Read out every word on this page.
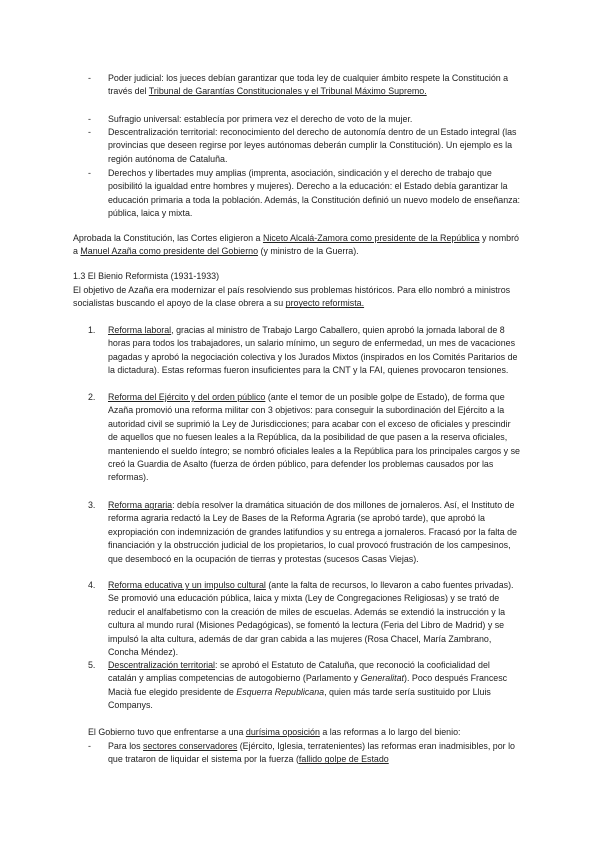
- Poder judicial: los jueces debían garantizar que toda ley de cualquier ámbito respete la Constitución a través del Tribunal de Garantías Constitucionales y el Tribunal Máximo Supremo.
- Sufragio universal: establecía por primera vez el derecho de voto de la mujer.
- Descentralización territorial: reconocimiento del derecho de autonomía dentro de un Estado integral (las provincias que deseen regirse por leyes autónomas deberán cumplir la Constitución). Un ejemplo es la región autónoma de Cataluña.
- Derechos y libertades muy amplias (imprenta, asociación, sindicación y el derecho de trabajo que posibilitó la igualdad entre hombres y mujeres). Derecho a la educación: el Estado debía garantizar la educación primaria a toda la población. Además, la Constitución definió un nuevo modelo de enseñanza: pública, laica y mixta.
Aprobada la Constitución, las Cortes eligieron a Niceto Alcalá-Zamora como presidente de la República y nombró a Manuel Azaña como presidente del Gobierno (y ministro de la Guerra).
1.3 El Bienio Reformista (1931-1933)
El objetivo de Azaña era modernizar el país resolviendo sus problemas históricos. Para ello nombró a ministros socialistas buscando el apoyo de la clase obrera a su proyecto reformista.
1. Reforma laboral, gracias al ministro de Trabajo Largo Caballero, quien aprobó la jornada laboral de 8 horas para todos los trabajadores, un salario mínimo, un seguro de enfermedad, un mes de vacaciones pagadas y aprobó la negociación colectiva y los Jurados Mixtos (inspirados en los Comités Paritarios de la dictadura). Estas reformas fueron insuficientes para la CNT y la FAI, quienes provocaron tensiones.
2. Reforma del Ejército y del orden público (ante el temor de un posible golpe de Estado), de forma que Azaña promovió una reforma militar con 3 objetivos: para conseguir la subordinación del Ejército a la autoridad civil se suprimió la Ley de Jurisdicciones; para acabar con el exceso de oficiales y prescindir de aquellos que no fuesen leales a la República, da la posibilidad de que pasen a la reserva oficiales, manteniendo el sueldo íntegro; se nombró oficiales leales a la República para los principales cargos y se creó la Guardia de Asalto (fuerza de órden público, para defender los problemas causados por las reformas).
3. Reforma agraria: debía resolver la dramática situación de dos millones de jornaleros. Así, el Instituto de reforma agraria redactó la Ley de Bases de la Reforma Agraria (se aprobó tarde), que aprobó la expropiación con indemnización de grandes latifundios y su entrega a jornaleros. Fracasó por la falta de financiación y la obstrucción judicial de los propietarios, lo cual provocó frustración de los campesinos, que desembocó en la ocupación de tierras y protestas (sucesos Casas Viejas).
4. Reforma educativa y un impulso cultural (ante la falta de recursos, lo llevaron a cabo fuentes privadas). Se promovió una educación pública, laica y mixta (Ley de Congregaciones Religiosas) y se trató de reducir el analfabetismo con la creación de miles de escuelas. Además se extendió la instrucción y la cultura al mundo rural (Misiones Pedagógicas), se fomentó la lectura (Feria del Libro de Madrid) y se impulsó la alta cultura, además de dar gran cabida a las mujeres (Rosa Chacel, María Zambrano, Concha Méndez).
5. Descentralización territorial: se aprobó el Estatuto de Cataluña, que reconoció la cooficialidad del catalán y amplias competencias de autogobierno (Parlamento y Generalitat). Poco después Francesc Macià fue elegido presidente de Esquerra Republicana, quien más tarde sería sustituido por Lluis Companys.
El Gobierno tuvo que enfrentarse a una durísima oposición a las reformas a lo largo del bienio:
- Para los sectores conservadores (Ejército, Iglesia, terratenientes) las reformas eran inadmisibles, por lo que trataron de liquidar el sistema por la fuerza (fallido golpe de Estado
